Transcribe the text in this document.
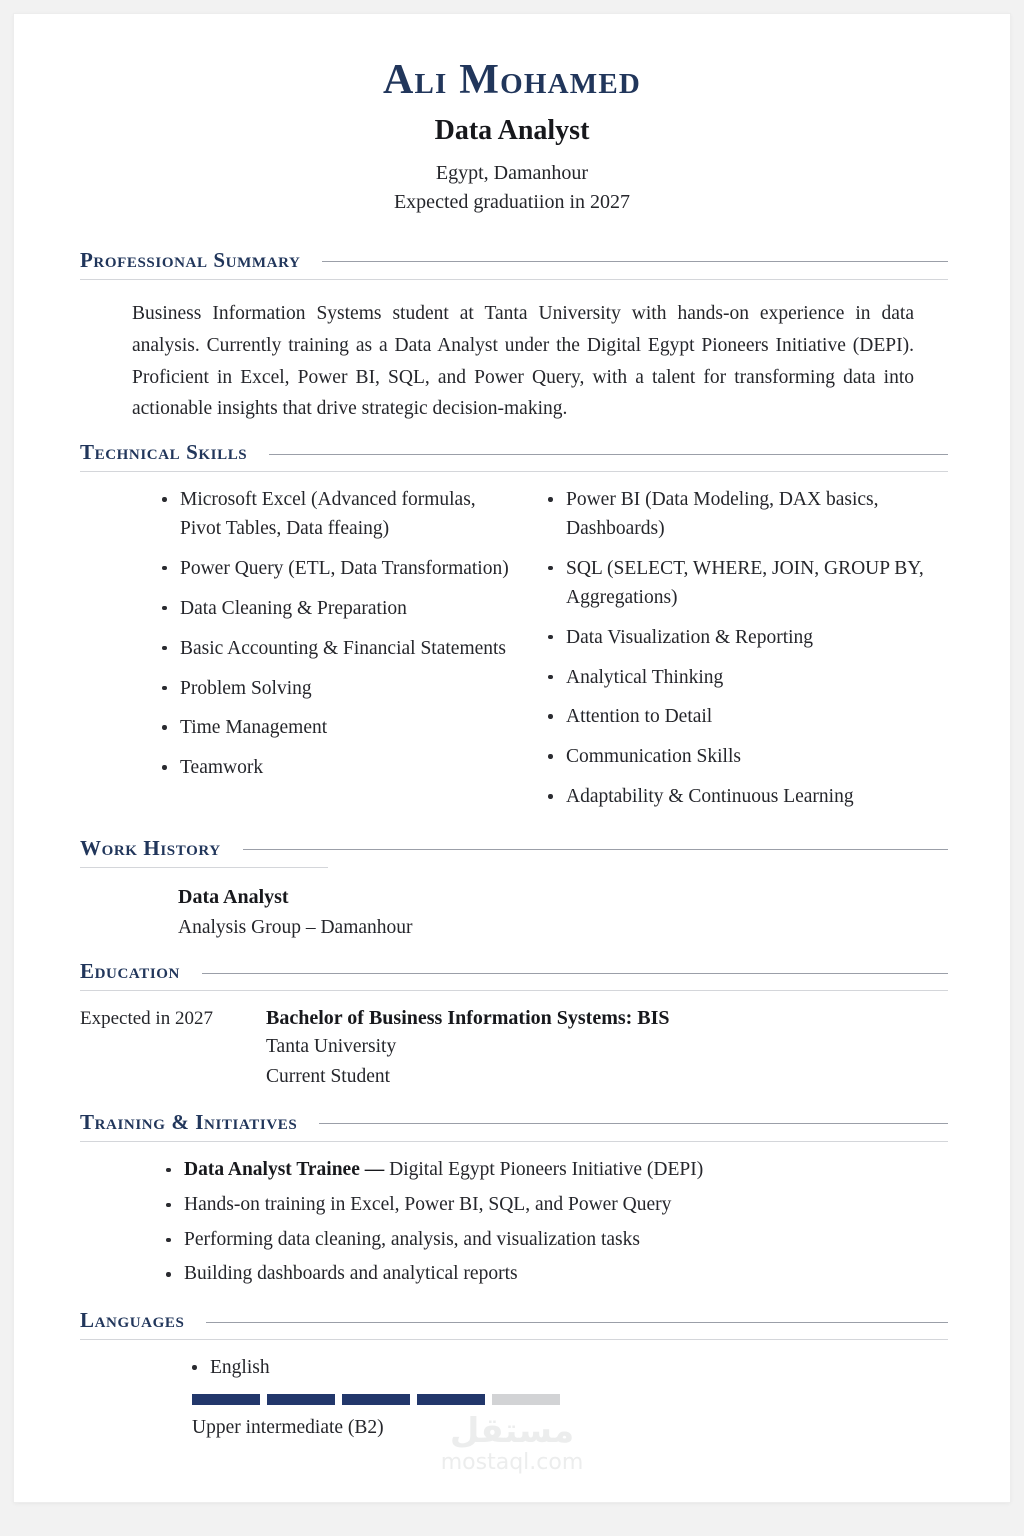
Ali Mohamed
Data Analyst
Egypt, Damanhour
Expected graduatiion in 2027
Professional Summary
Business Information Systems student at Tanta University with hands-on experience in data analysis. Currently training as a Data Analyst under the Digital Egypt Pioneers Initiative (DEPI). Proficient in Excel, Power BI, SQL, and Power Query, with a talent for transforming data into actionable insights that drive strategic decision-making.
Technical Skills
Microsoft Excel (Advanced formulas, Pivot Tables, Data ffeaing)
Power Query (ETL, Data Transformation)
Data Cleaning & Preparation
Basic Accounting & Financial Statements
Problem Solving
Time Management
Teamwork
Power BI (Data Modeling, DAX basics, Dashboards)
SQL (SELECT, WHERE, JOIN, GROUP BY, Aggregations)
Data Visualization & Reporting
Analytical Thinking
Attention to Detail
Communication Skills
Adaptability & Continuous Learning
Work History
Data Analyst
Analysis Group – Damanhour
Education
Expected in 2027	Bachelor of Business Information Systems: BIS
Tanta University
Current Student
Training & Initiatives
Data Analyst Trainee — Digital Egypt Pioneers Initiative (DEPI)
Hands-on training in Excel, Power BI, SQL, and Power Query
Performing data cleaning, analysis, and visualization tasks
Building dashboards and analytical reports
Languages
English
Upper intermediate (B2)	مستقل
mostaql.com
